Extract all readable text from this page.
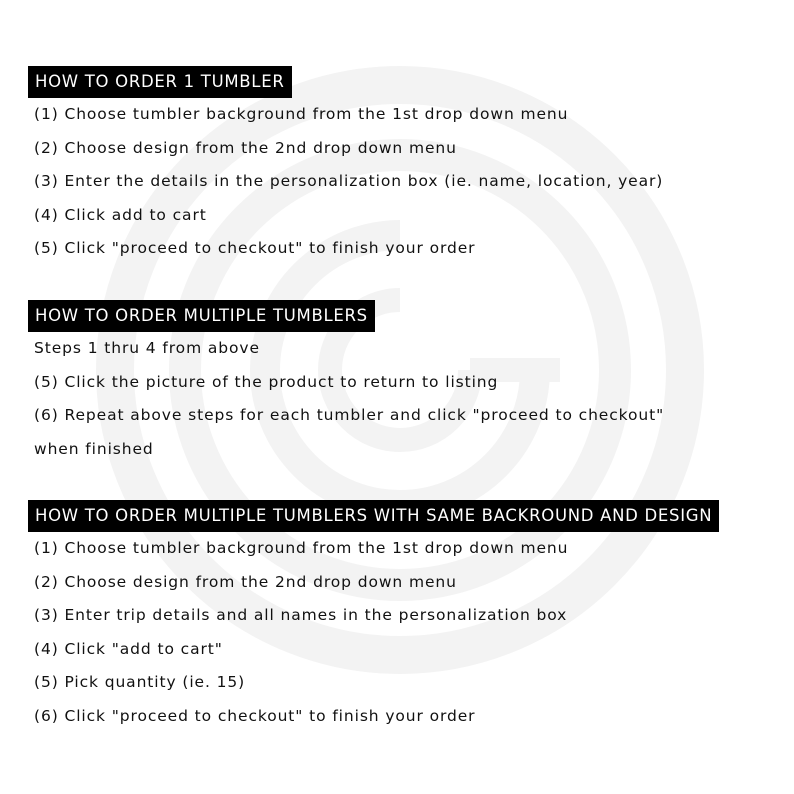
HOW TO ORDER 1 TUMBLER
(1) Choose tumbler background from the 1st drop down menu
(2) Choose design from the 2nd drop down menu
(3) Enter the details in the personalization box (ie. name, location, year)
(4) Click add to cart
(5) Click "proceed to checkout" to finish your order
HOW TO ORDER MULTIPLE TUMBLERS
Steps 1 thru 4 from above
(5) Click the picture of the product to return to listing
(6) Repeat above steps for each tumbler and click "proceed to checkout"
when finished
HOW TO ORDER MULTIPLE TUMBLERS WITH SAME BACKROUND AND DESIGN
(1) Choose tumbler background from the 1st drop down menu
(2) Choose design from the 2nd drop down menu
(3) Enter trip details and all names in the personalization box
(4) Click "add to cart"
(5) Pick quantity (ie. 15)
(6) Click "proceed to checkout" to finish your order
